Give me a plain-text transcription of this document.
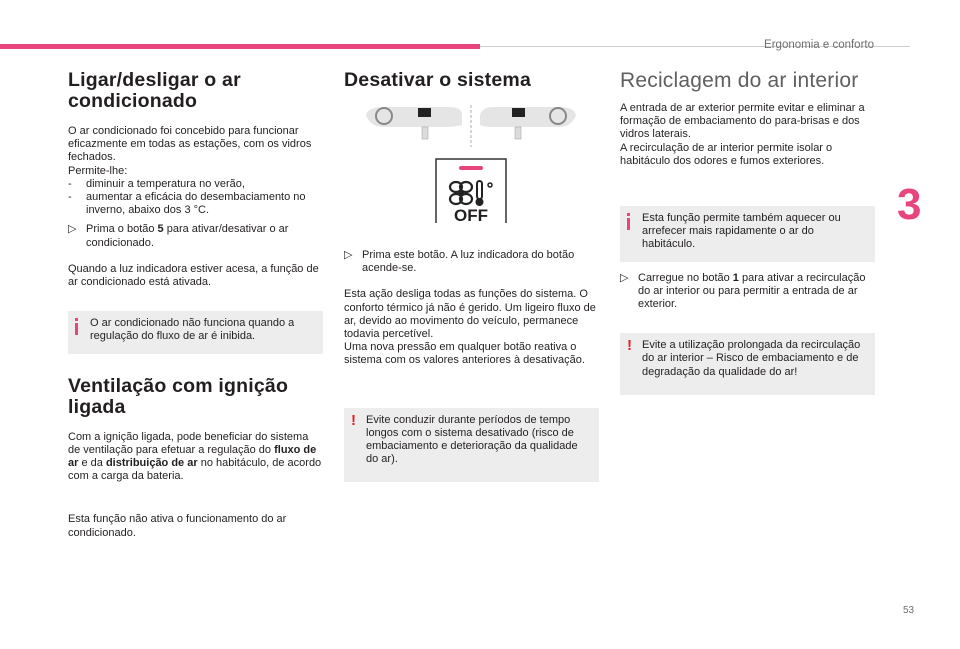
Ergonomia e conforto
3
53
Ligar/desligar o ar condicionado

O ar condicionado foi concebido para funcionar eficazmente em todas as estações, com os vidros fechados.

Permite-lhe:

-	diminuir a temperatura no verão,
-	aumentar a eficácia do desembaciamento no inverno, abaixo dos 3 °C.
▷ Prima o botão 5 para ativar/desativar o ar condicionado.

Quando a luz indicadora estiver acesa, a função de ar condicionado está ativada.

O ar condicionado não funciona quando a regulação do fluxo de ar é inibida.
Ventilação com ignição ligada

Com a ignição ligada, pode beneficiar do sistema de ventilação para efetuar a regulação do fluxo de ar e da distribuição de ar no habitáculo, de acordo com a carga da bateria.

Esta função não ativa o funcionamento do ar condicionado.

Desativar o sistema
OFF
▷ Prima este botão. A luz indicadora do botão acende-se.

Esta ação desliga todas as funções do sistema. O conforto térmico já não é gerido. Um ligeiro fluxo de ar, devido ao movimento do veículo, permanece todavia percetível.

Uma nova pressão em qualquer botão reativa o sistema com os valores anteriores à desativação.

! Evite conduzir durante períodos de tempo longos com o sistema desativado (risco de embaciamento e deterioração da qualidade do ar).
Reciclagem do ar interior

A entrada de ar exterior permite evitar e eliminar a formação de embaciamento do para-brisas e dos vidros laterais.

A recirculação de ar interior permite isolar o habitáculo dos odores e fumos exteriores.

Esta função permite também aquecer ou arrefecer mais rapidamente o ar do habitáculo.
▷ Carregue no botão 1 para ativar a recirculação do ar interior ou para permitir a entrada de ar exterior.
! Evite a utilização prolongada da recirculação do ar interior – Risco de embaciamento e de degradação da qualidade do ar!
